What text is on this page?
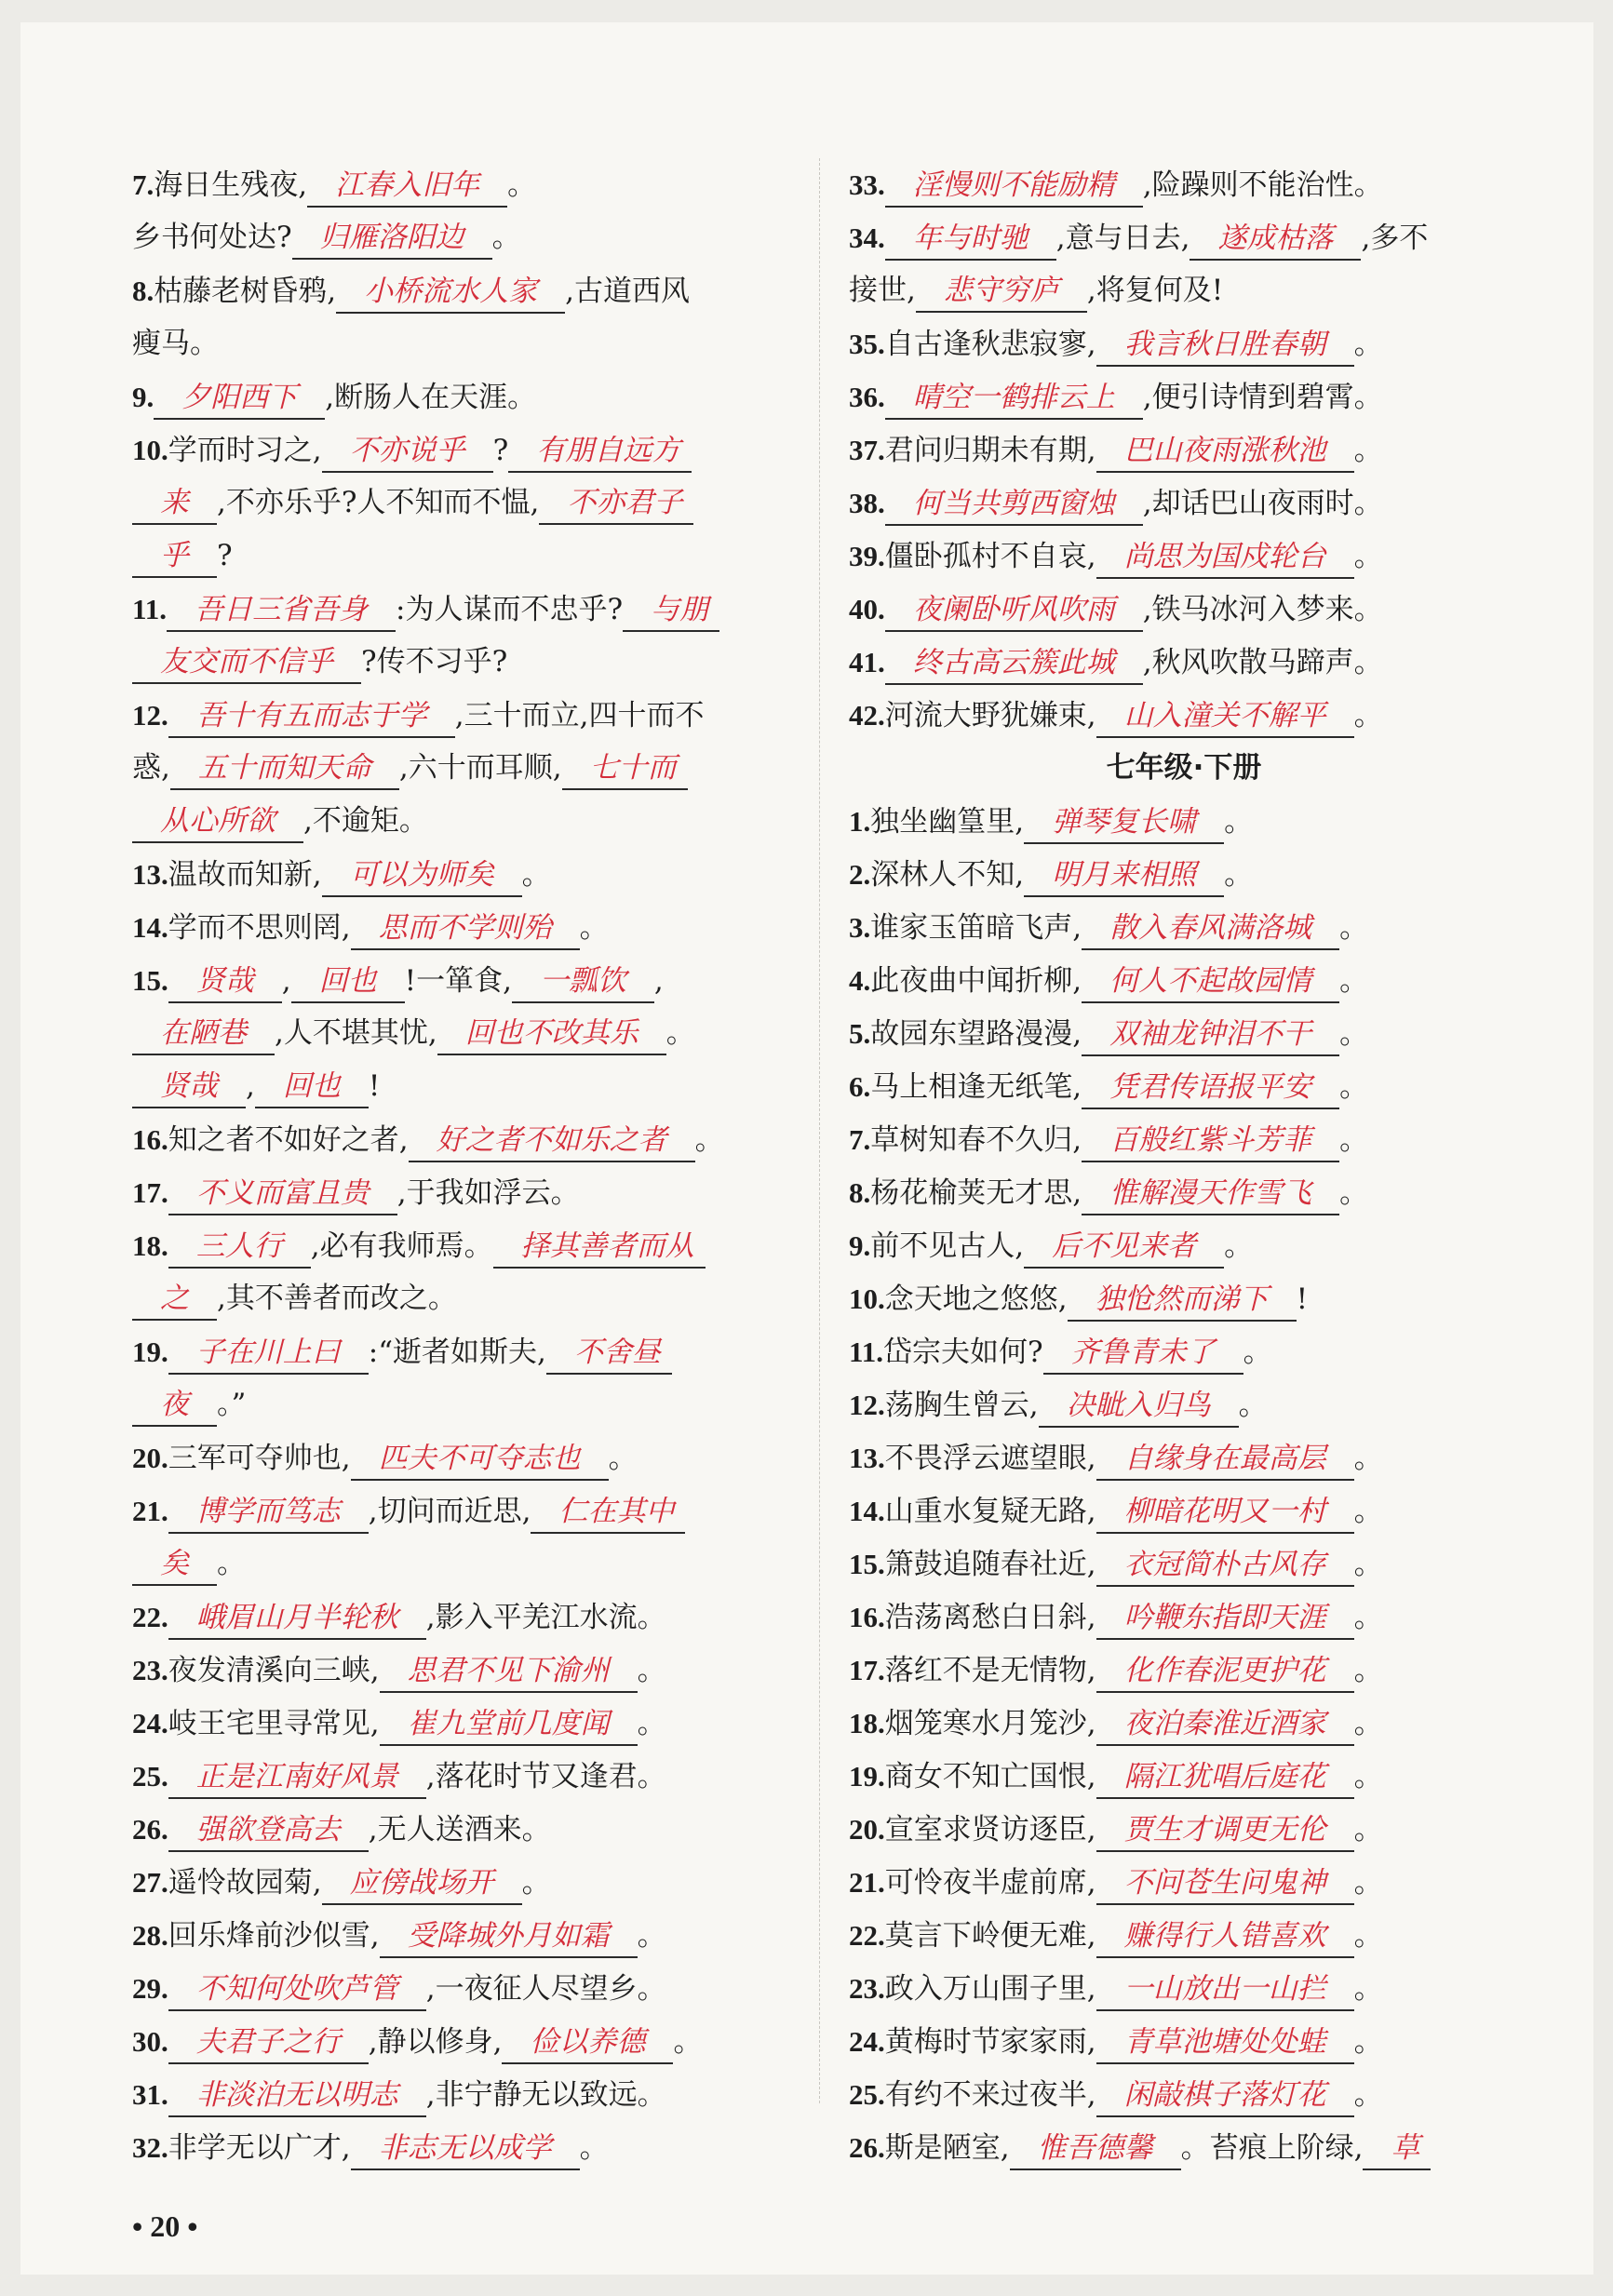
7.海日生残夜, 江春入旧年 。
乡书何处达? 归雁洛阳边 。
8.枯藤老树昏鸦, 小桥流水人家 ,古道西风
瘦马。
9. 夕阳西下 ,断肠人在天涯。
10.学而时习之, 不亦说乎 ? 有朋自远方
来 ,不亦乐乎?人不知而不愠, 不亦君子
乎 ?
11. 吾日三省吾身 :为人谋而不忠乎? 与朋
友交而不信乎 ?传不习乎?
12. 吾十有五而志于学 ,三十而立,四十而不
惑, 五十而知天命 ,六十而耳顺, 七十而
从心所欲 ,不逾矩。
13.温故而知新, 可以为师矣 。
14.学而不思则罔, 思而不学则殆 。
15. 贤哉 , 回也 !一箪食, 一瓢饮 ,
在陋巷 ,人不堪其忧, 回也不改其乐 。
贤哉 , 回也 !
16.知之者不如好之者, 好之者不如乐之者 。
17. 不义而富且贵 ,于我如浮云。
18. 三人行 ,必有我师焉。 择其善者而从
之 ,其不善者而改之。
19. 子在川上曰 :“逝者如斯夫, 不舍昼
夜 。”
20.三军可夺帅也, 匹夫不可夺志也 。
21. 博学而笃志 ,切问而近思, 仁在其中
矣 。
22. 峨眉山月半轮秋 ,影入平羌江水流。
23.夜发清溪向三峡, 思君不见下渝州 。
24.岐王宅里寻常见, 崔九堂前几度闻 。
25. 正是江南好风景 ,落花时节又逢君。
26. 强欲登高去 ,无人送酒来。
27.遥怜故园菊, 应傍战场开 。
28.回乐烽前沙似雪, 受降城外月如霜 。
29. 不知何处吹芦管 ,一夜征人尽望乡。
30. 夫君子之行 ,静以修身, 俭以养德 。
31. 非淡泊无以明志 ,非宁静无以致远。
32.非学无以广才, 非志无以成学 。
33. 淫慢则不能励精 ,险躁则不能治性。
34. 年与时驰 ,意与日去, 遂成枯落 ,多不
接世, 悲守穷庐 ,将复何及!
35.自古逢秋悲寂寥, 我言秋日胜春朝 。
36. 晴空一鹤排云上 ,便引诗情到碧霄。
37.君问归期未有期, 巴山夜雨涨秋池 。
38. 何当共剪西窗烛 ,却话巴山夜雨时。
39.僵卧孤村不自哀, 尚思为国戍轮台 。
40. 夜阑卧听风吹雨 ,铁马冰河入梦来。
41. 终古高云簇此城 ,秋风吹散马蹄声。
42.河流大野犹嫌束, 山入潼关不解平 。
七年级·下册
1.独坐幽篁里, 弹琴复长啸 。
2.深林人不知, 明月来相照 。
3.谁家玉笛暗飞声, 散入春风满洛城 。
4.此夜曲中闻折柳, 何人不起故园情 。
5.故园东望路漫漫, 双袖龙钟泪不干 。
6.马上相逢无纸笔, 凭君传语报平安 。
7.草树知春不久归, 百般红紫斗芳菲 。
8.杨花榆荚无才思, 惟解漫天作雪飞 。
9.前不见古人, 后不见来者 。
10.念天地之悠悠, 独怆然而涕下 !
11.岱宗夫如何? 齐鲁青未了 。
12.荡胸生曾云, 决眦入归鸟 。
13.不畏浮云遮望眼, 自缘身在最高层 。
14.山重水复疑无路, 柳暗花明又一村 。
15.箫鼓追随春社近, 衣冠简朴古风存 。
16.浩荡离愁白日斜, 吟鞭东指即天涯 。
17.落红不是无情物, 化作春泥更护花 。
18.烟笼寒水月笼沙, 夜泊秦淮近酒家 。
19.商女不知亡国恨, 隔江犹唱后庭花 。
20.宣室求贤访逐臣, 贾生才调更无伦 。
21.可怜夜半虚前席, 不问苍生问鬼神 。
22.莫言下岭便无难, 赚得行人错喜欢 。
23.政入万山围子里, 一山放出一山拦 。
24.黄梅时节家家雨, 青草池塘处处蛙 。
25.有约不来过夜半, 闲敲棋子落灯花 。
26.斯是陋室, 惟吾德馨 。苔痕上阶绿, 草
• 20 •
